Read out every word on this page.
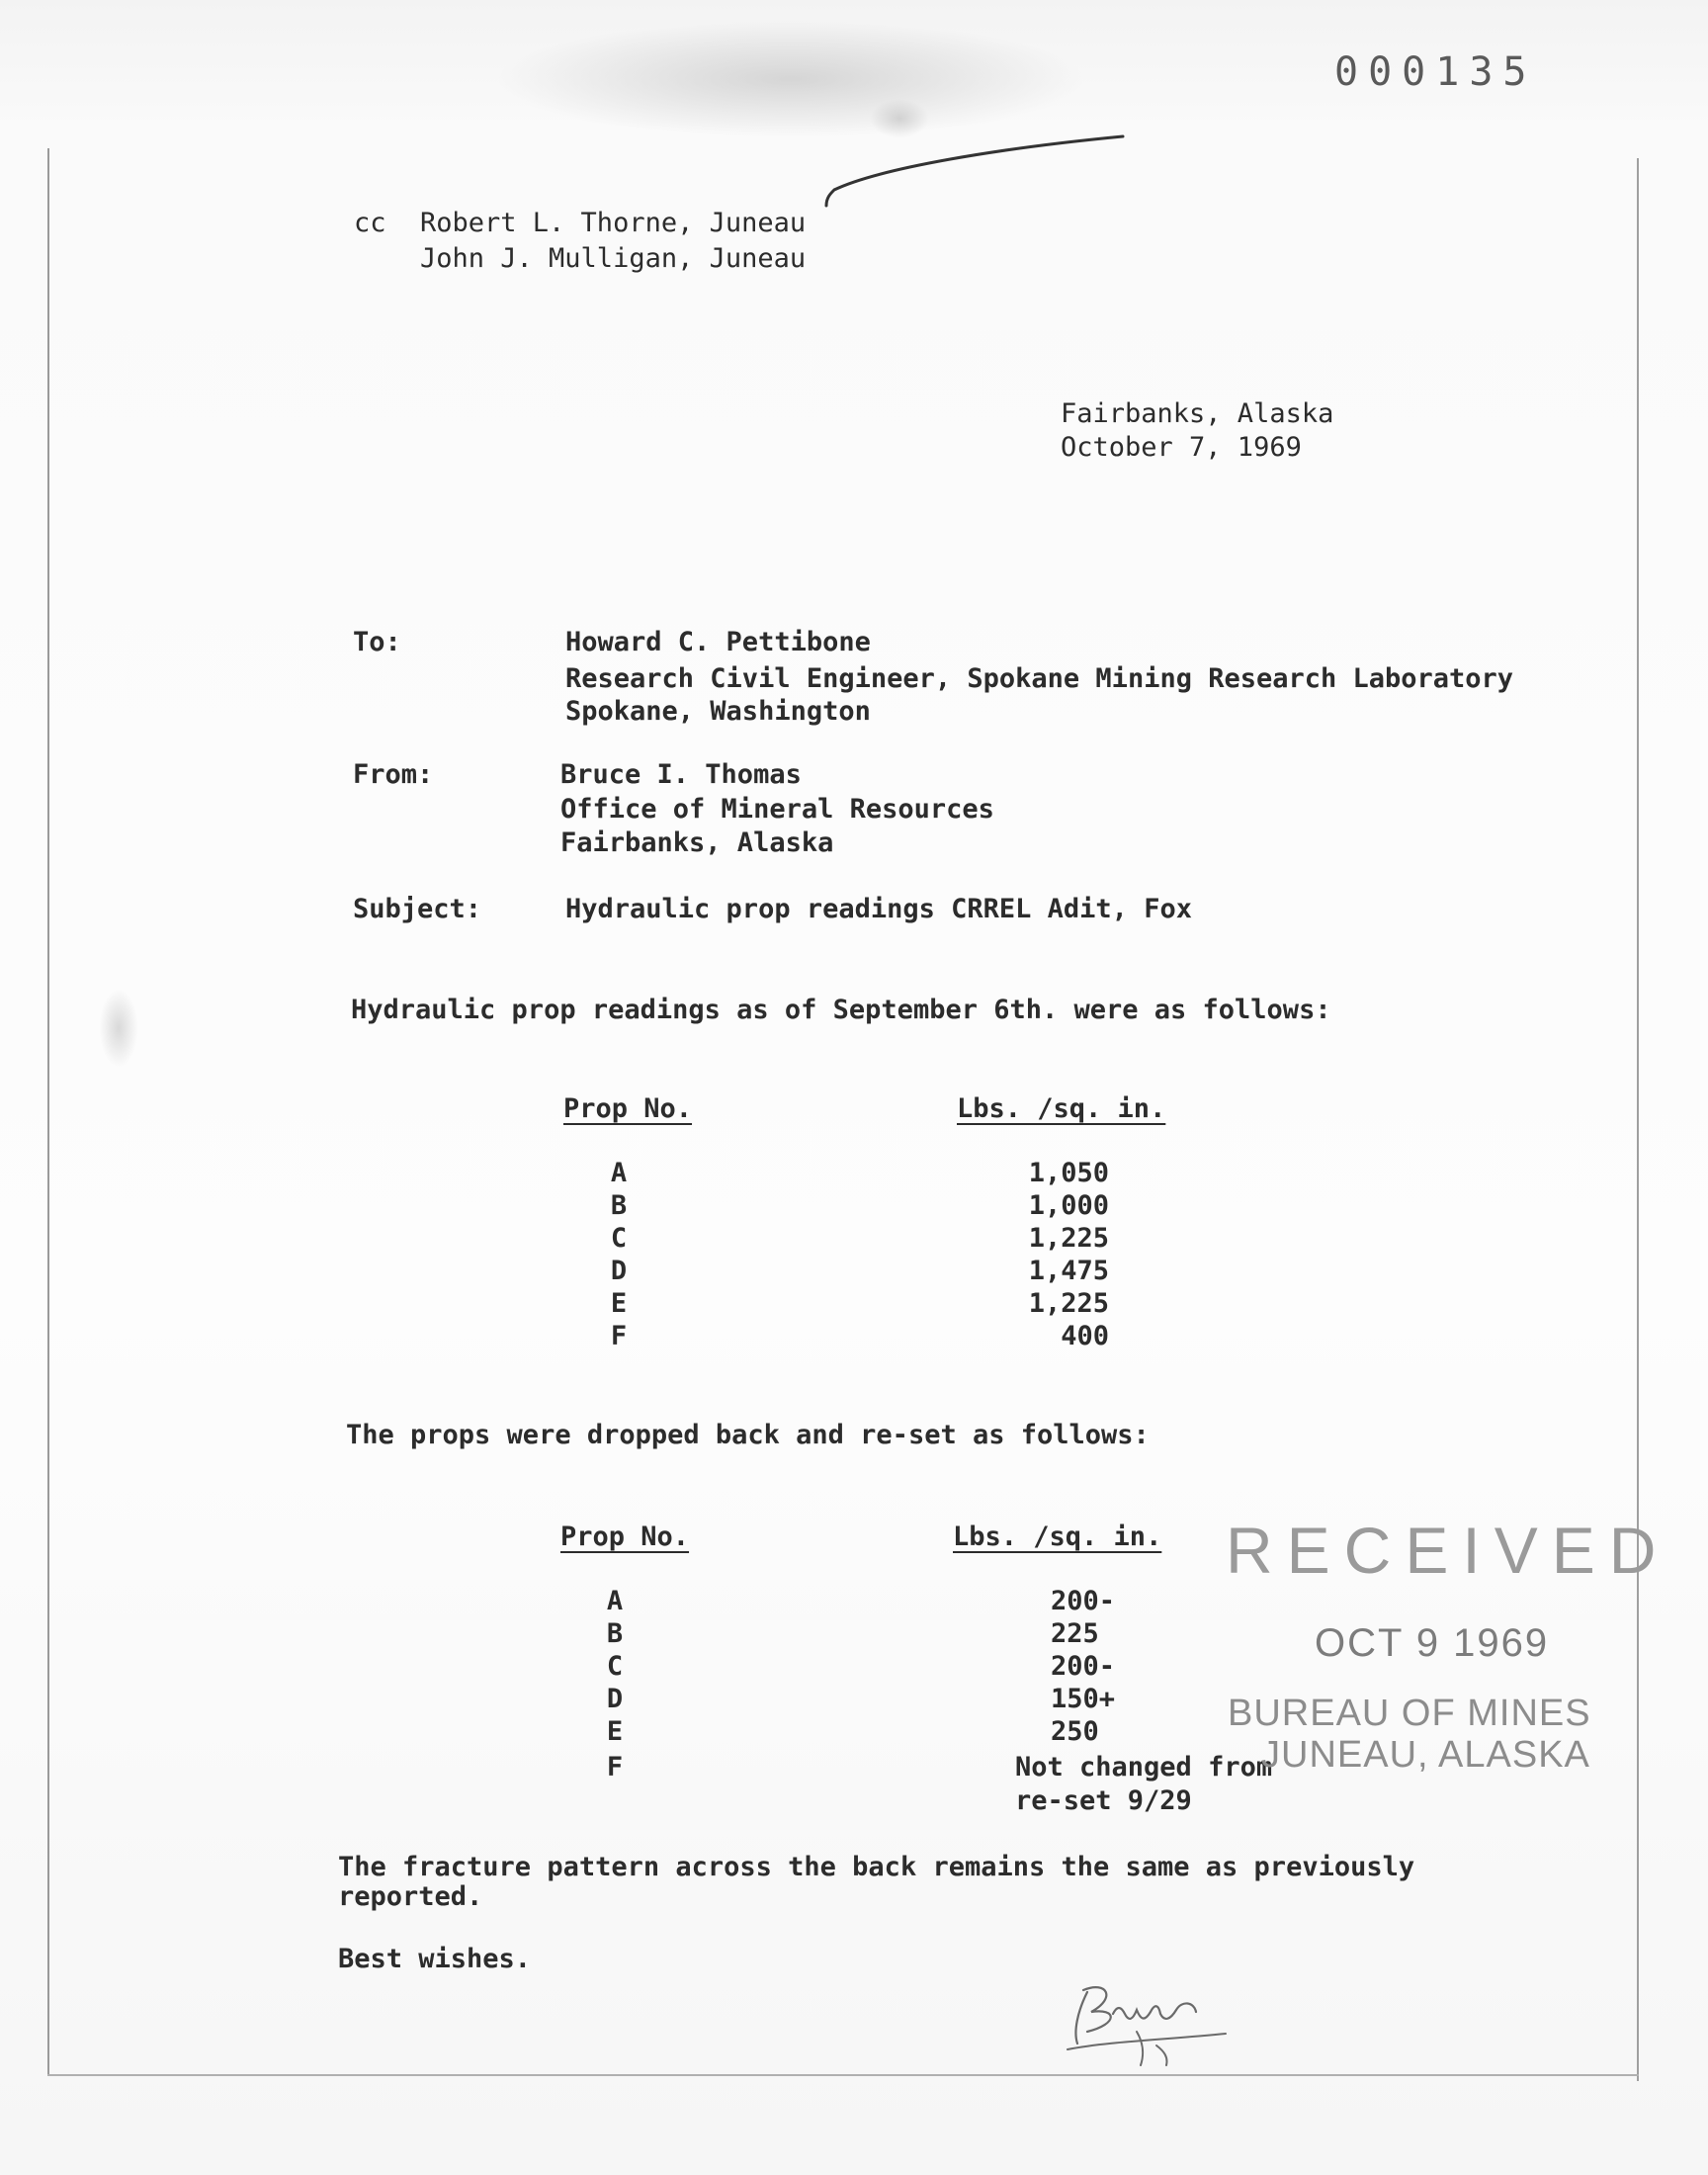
000135
cc Robert L. Thorne, Juneau
John J. Mulligan, Juneau
Fairbanks, Alaska
October 7, 1969
To:	Howard C. Pettibone
Research Civil Engineer, Spokane Mining Research Laboratory
Spokane, Washington
From:	Bruce I. Thomas
Office of Mineral Resources
Fairbanks, Alaska
Subject:	Hydraulic prop readings CRREL Adit, Fox
Hydraulic prop readings as of September 6th. were as follows:
Prop No.	Lbs. /sq. in.
A	1,050
B	1,000
C	1,225
D	1,475
E	1,225
F	400
The props were dropped back and re-set as follows:
Prop No.	Lbs. /sq. in.
A	200-
B	225
C	200-
D	150+
E	250
F	Not changed from
re-set 9/29
The fracture pattern across the back remains the same as previously
reported.
Best wishes.
RECEIVED
OCT 9 1969
BUREAU OF MINES
JUNEAU, ALASKA
